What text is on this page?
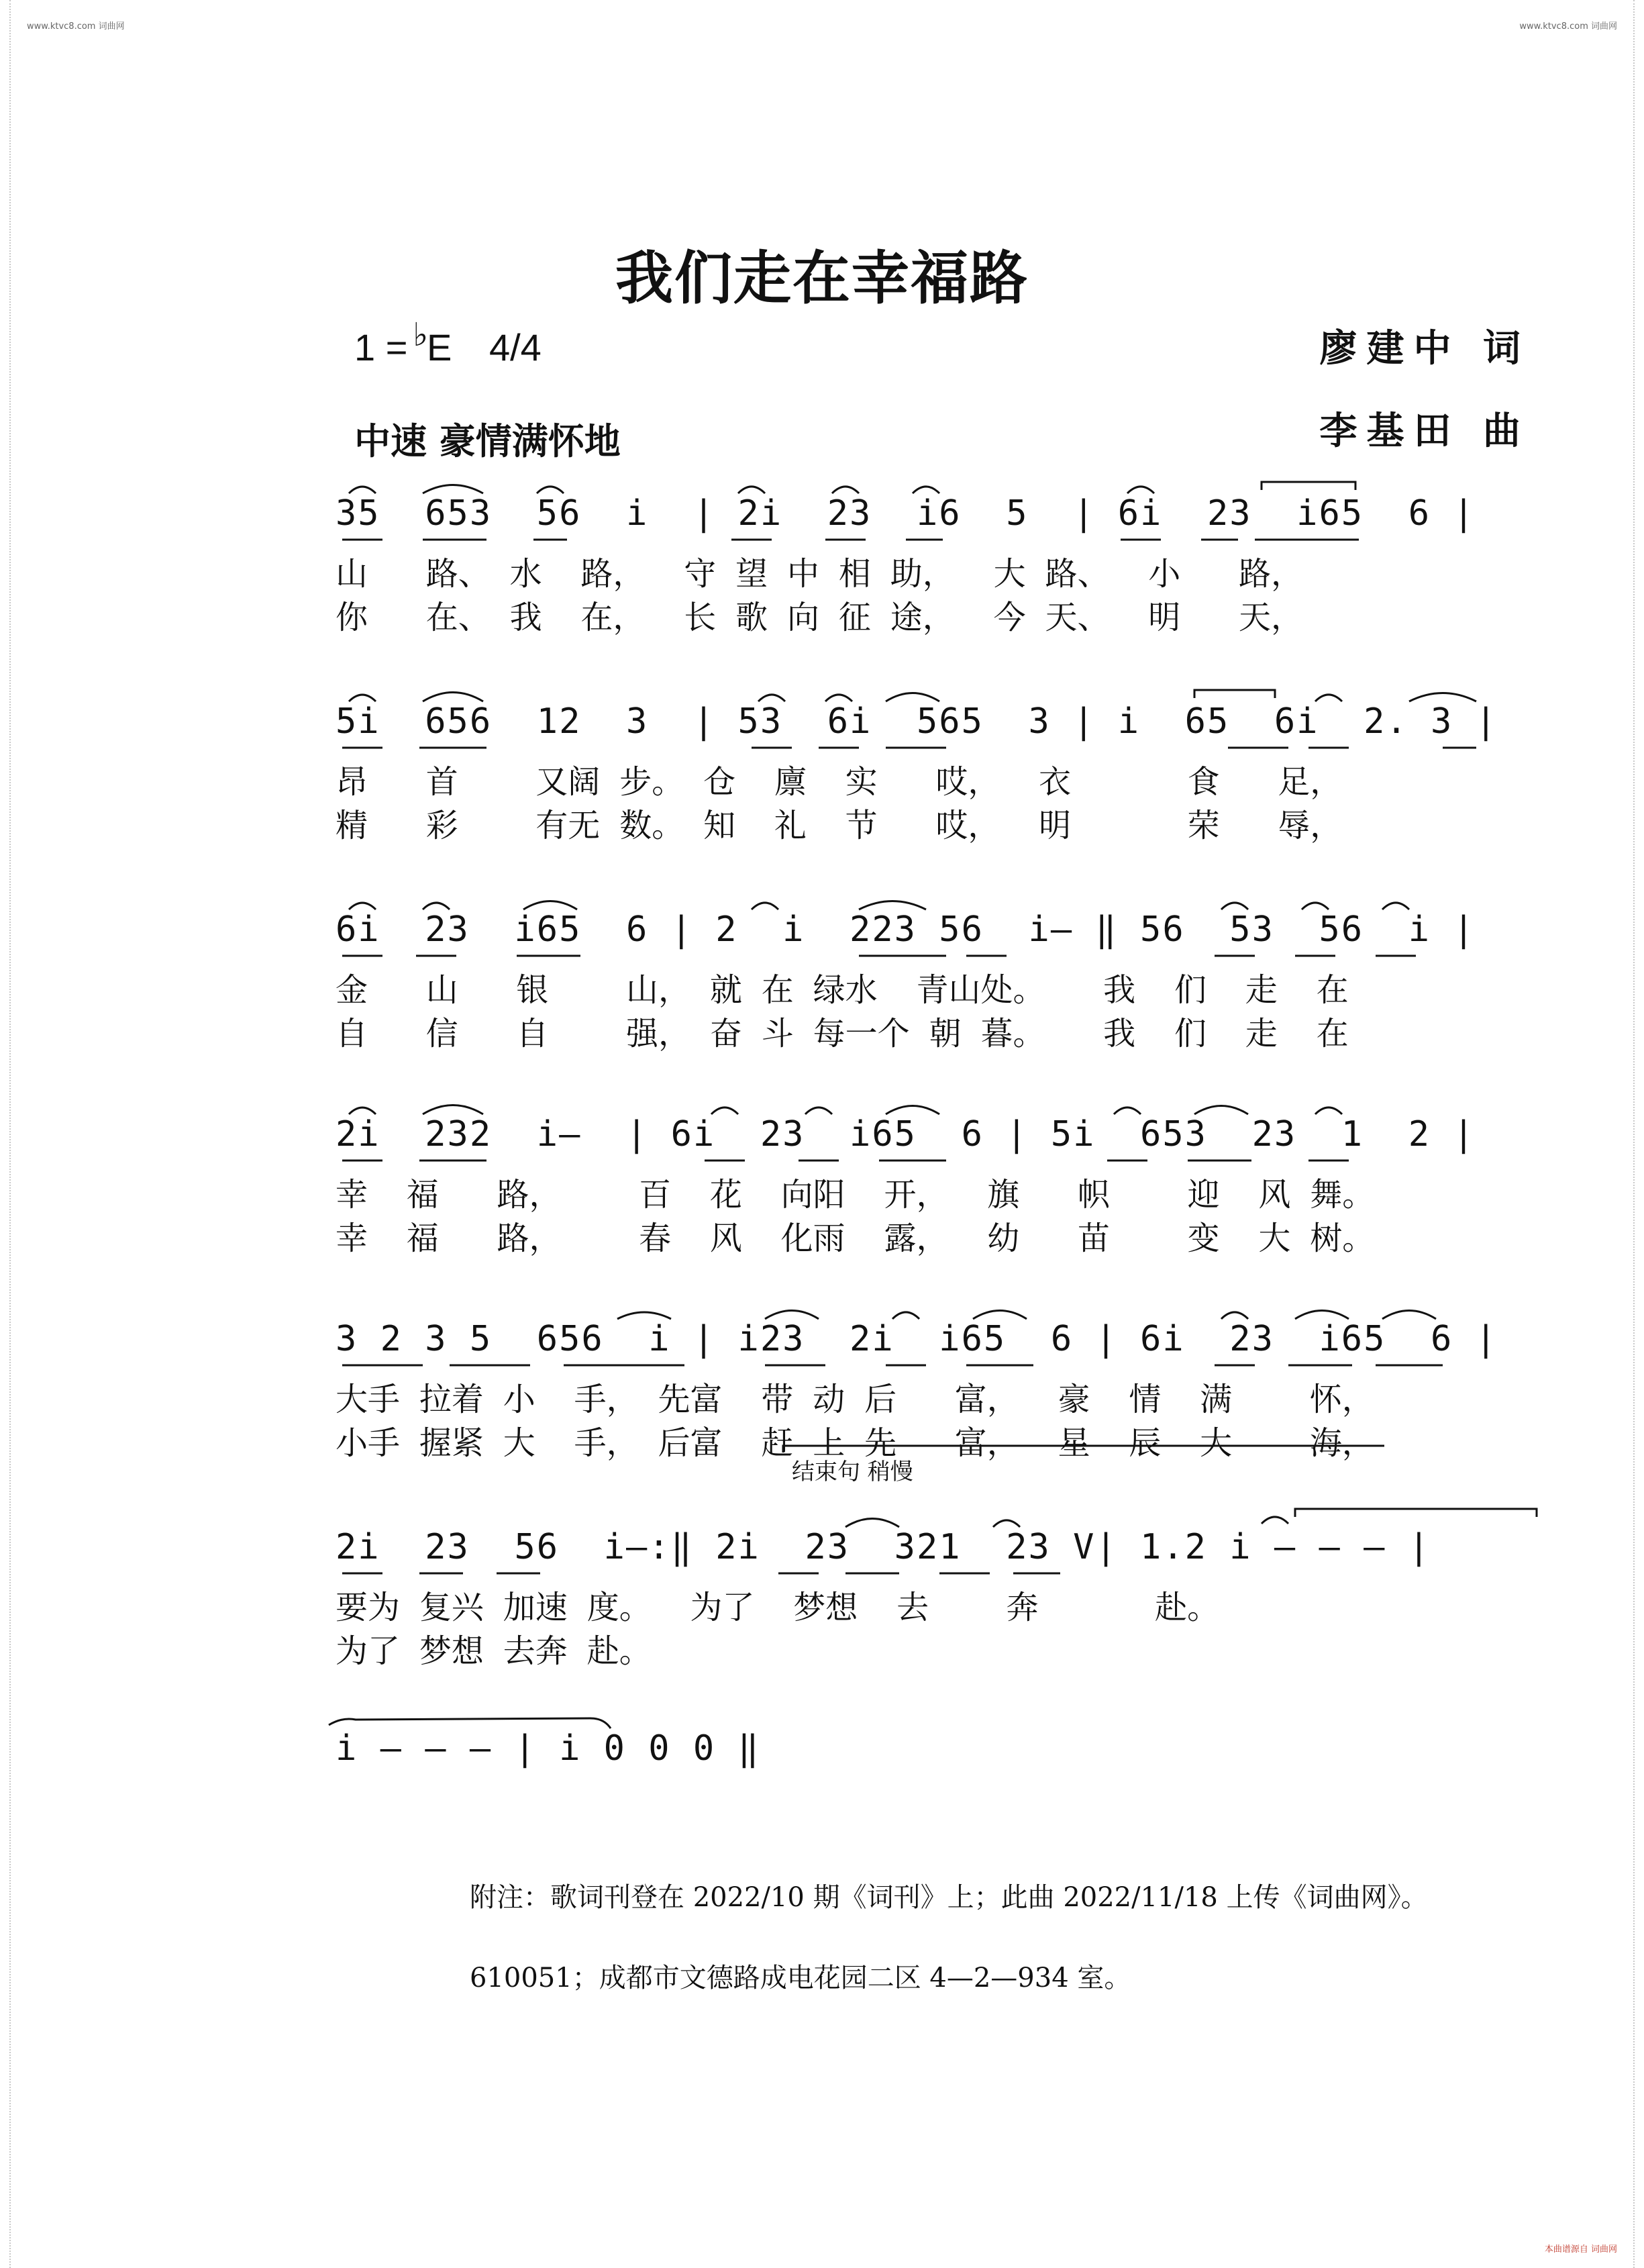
www.ktvc8.com 词曲网	www.ktvc8.com 词曲网
本曲谱源自 词曲网
我们走在幸福路
1 = ♭E 4/4
中速 豪情满怀地
廖建中 词
李基田 曲
35  653  56  i  | 2i  23  i6  5  | 6i  23  i65  6 |
山   路、 水  路，  守 望 中 相 助，  大 路、  小   路，
你   在、 我  在，  长 歌 向 征 途，  今 天、  明   天，
5i  656  12  3  | 53  6i  565  3 | i  65  6i  2. 3 |
昂   首    又阔 步。 仓  廪  实   哎，  衣      食   足，
精   彩    有无 数。 知  礼  节   哎，  明      荣   辱，
6i  23  i65  6 | 2  i  223 56  i— ‖ 56  53  56  i |
金   山   银    山， 就 在 绿水  青山处。   我  们  走  在
自   信   自    强， 奋 斗 每一个 朝 暮。   我  们  走  在
2i  232  i—  | 6i  23  i65  6 | 5i  653  23  1  2 |
幸  福   路，    百  花  向阳  开，  旗   帜    迎  风 舞。
幸  福   路，    春  风  化雨  露，  幼   苗    变  大 树。
3 2 3 5  656  i | i23  2i  i65  6 | 6i  23  i65  6 |
大手 拉着 小  手， 先富  带 动 后   富，  豪  情  满    怀，
小手 握紧 大  手， 后富  赶 上 先   富，  星  辰  大    海，
结束句 稍慢
2i  23  56  i—:‖ 2i  23  321  23 V| 1.2 i — — — |
要为 复兴 加速 度。  为了  梦想  去    奔      赴。
为了 梦想 去奔 赴。
i — — — | i 0 0 0 ‖
附注：歌词刊登在 2022/10 期《词刊》上；此曲 2022/11/18 上传《词曲网》。
610051；成都市文德路成电花园二区 4—2—934 室。
